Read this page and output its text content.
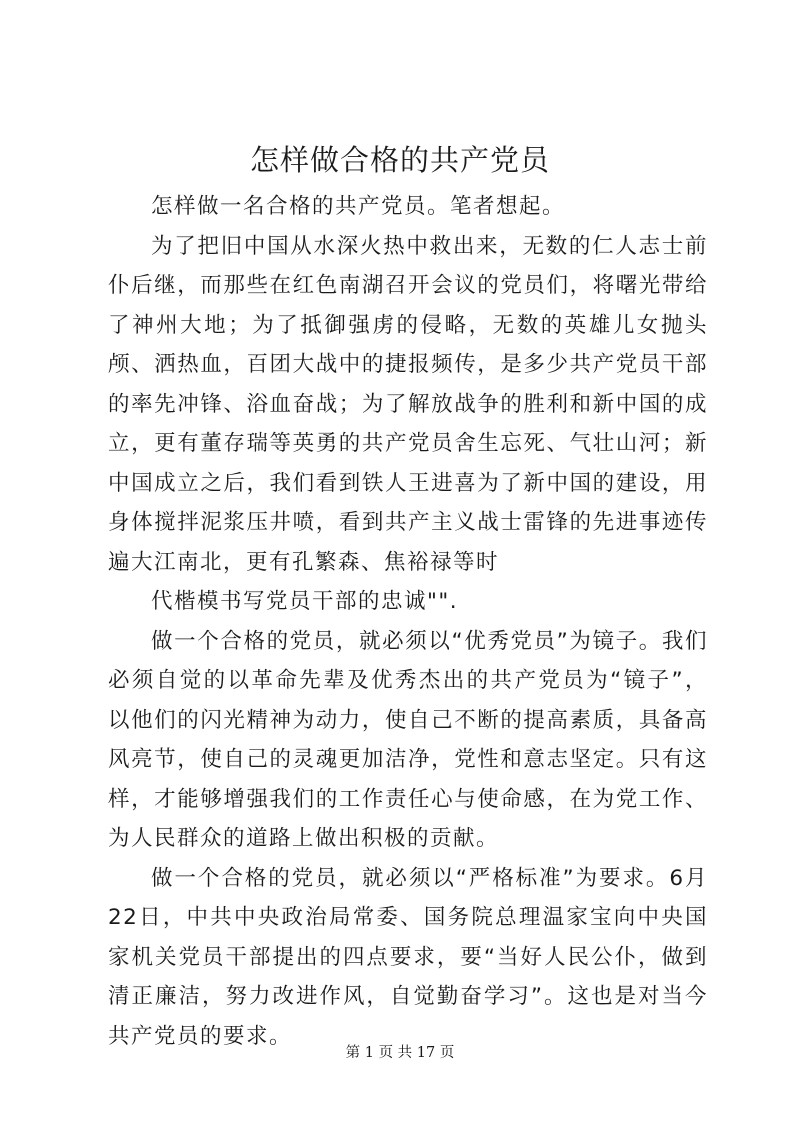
怎样做合格的共产党员

怎样做一名合格的共产党员。笔者想起。

为了把旧中国从水深火热中救出来，无数的仁人志士前仆后继，而那些在红色南湖召开会议的党员们，将曙光带给了神州大地；为了抵御强虏的侵略，无数的英雄儿女抛头颅、洒热血，百团大战中的捷报频传，是多少共产党员干部的率先冲锋、浴血奋战；为了解放战争的胜利和新中国的成立，更有董存瑞等英勇的共产党员舍生忘死、气壮山河；新中国成立之后，我们看到铁人王进喜为了新中国的建设，用身体搅拌泥浆压井喷，看到共产主义战士雷锋的先进事迹传遍大江南北，更有孔繁森、焦裕禄等时

代楷模书写党员干部的忠诚"".

做一个合格的党员，就必须以“优秀党员”为镜子。我们必须自觉的以革命先辈及优秀杰出的共产党员为“镜子”，以他们的闪光精神为动力，使自己不断的提高素质，具备高风亮节，使自己的灵魂更加洁净，党性和意志坚定。只有这样，才能够增强我们的工作责任心与使命感，在为党工作、为人民群众的道路上做出积极的贡献。

做一个合格的党员，就必须以“严格标准”为要求。6月22日，中共中央政治局常委、国务院总理温家宝向中央国家机关党员干部提出的四点要求，要“当好人民公仆，做到清正廉洁，努力改进作风，自觉勤奋学习”。这也是对当今共产党员的要求。

第 1 页 共 17 页
